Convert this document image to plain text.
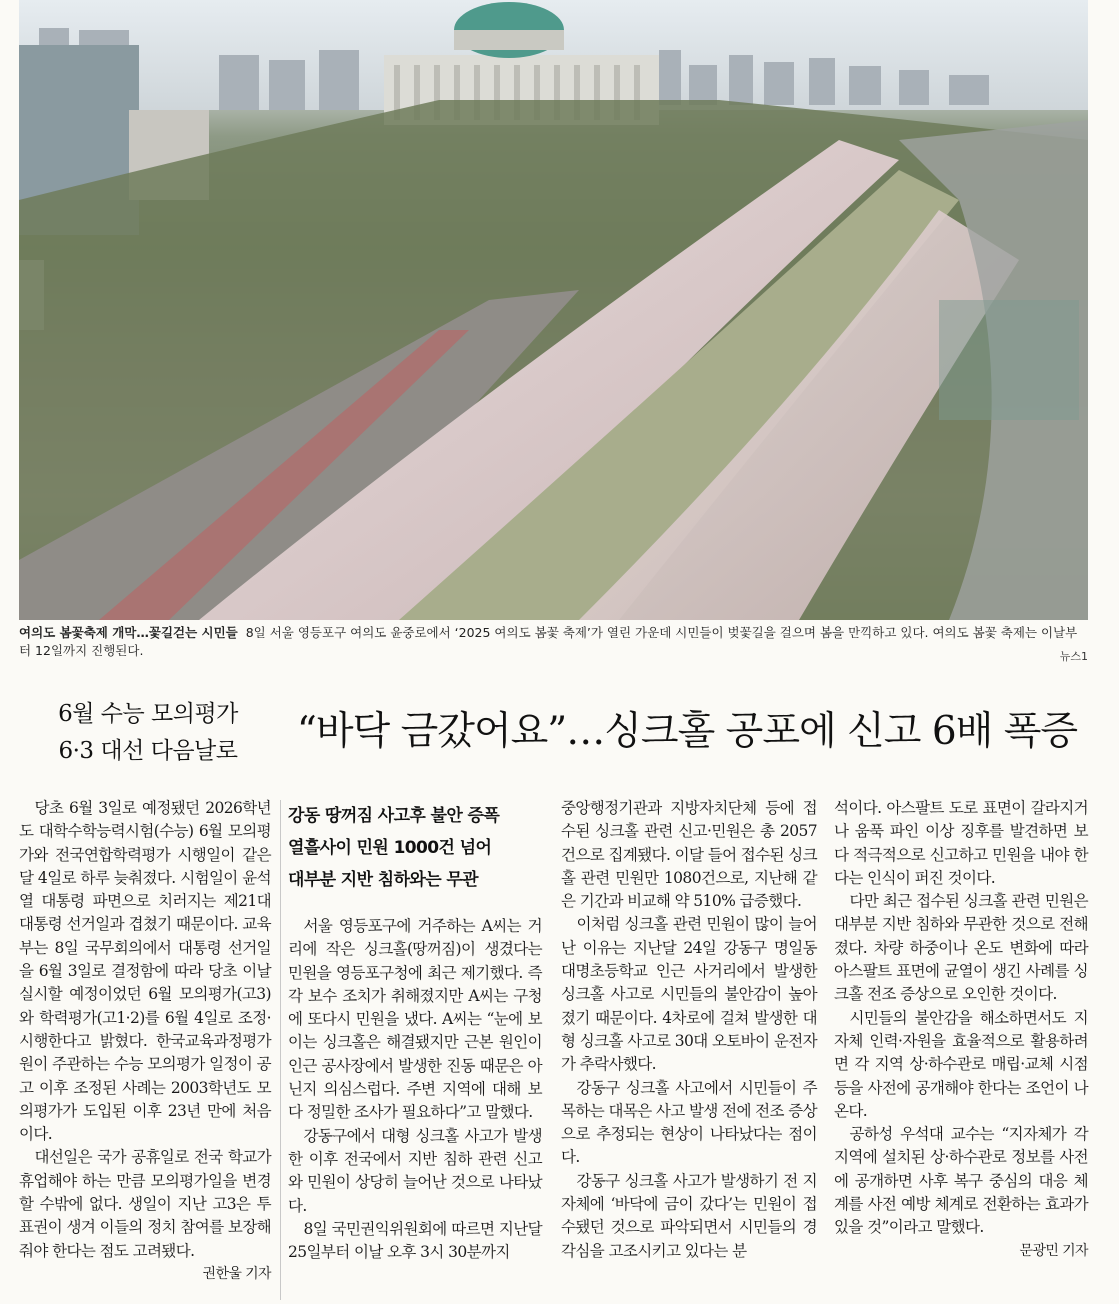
여의도 봄꽃축제 개막…꽃길걷는 시민들 8일 서울 영등포구 여의도 윤중로에서 ‘2025 여의도 봄꽃 축제’가 열린 가운데 시민들이 벚꽃길을 걸으며 봄을 만끽하고 있다. 여의도 봄꽃 축제는 이날부터 12일까지 진행된다.	뉴스1
6월 수능 모의평가
6·3 대선 다음날로	“바닥 금갔어요”…싱크홀 공포에 신고 6배 폭증

당초 6월 3일로 예정됐던 2026학년도 대학수학능력시험(수능) 6월 모의평가와 전국연합학력평가 시행일이 같은 달 4일로 하루 늦춰졌다. 시험일이 윤석열 대통령 파면으로 치러지는 제21대 대통령 선거일과 겹쳤기 때문이다. 교육부는 8일 국무회의에서 대통령 선거일을 6월 3일로 결정함에 따라 당초 이날 실시할 예정이었던 6월 모의평가(고3)와 학력평가(고1·2)를 6월 4일로 조정·시행한다고 밝혔다. 한국교육과정평가원이 주관하는 수능 모의평가 일정이 공고 이후 조정된 사례는 2003학년도 모의평가가 도입된 이후 23년 만에 처음이다.

대선일은 국가 공휴일로 전국 학교가 휴업해야 하는 만큼 모의평가일을 변경할 수밖에 없다. 생일이 지난 고3은 투표권이 생겨 이들의 정치 참여를 보장해줘야 한다는 점도 고려됐다.

권한울 기자

강동 땅꺼짐 사고후 불안 증폭
열흘사이 민원 1000건 넘어
대부분 지반 침하와는 무관

서울 영등포구에 거주하는 A씨는 거리에 작은 싱크홀(땅꺼짐)이 생겼다는 민원을 영등포구청에 최근 제기했다. 즉각 보수 조치가 취해졌지만 A씨는 구청에 또다시 민원을 냈다. A씨는 “눈에 보이는 싱크홀은 해결됐지만 근본 원인이 인근 공사장에서 발생한 진동 때문은 아닌지 의심스럽다. 주변 지역에 대해 보다 정밀한 조사가 필요하다”고 말했다.

강동구에서 대형 싱크홀 사고가 발생한 이후 전국에서 지반 침하 관련 신고와 민원이 상당히 늘어난 것으로 나타났다.

8일 국민권익위원회에 따르면 지난달 25일부터 이날 오후 3시 30분까지

중앙행정기관과 지방자치단체 등에 접수된 싱크홀 관련 신고·민원은 총 2057건으로 집계됐다. 이달 들어 접수된 싱크홀 관련 민원만 1080건으로, 지난해 같은 기간과 비교해 약 510% 급증했다.

이처럼 싱크홀 관련 민원이 많이 늘어난 이유는 지난달 24일 강동구 명일동 대명초등학교 인근 사거리에서 발생한 싱크홀 사고로 시민들의 불안감이 높아졌기 때문이다. 4차로에 걸쳐 발생한 대형 싱크홀 사고로 30대 오토바이 운전자가 추락사했다.

강동구 싱크홀 사고에서 시민들이 주목하는 대목은 사고 발생 전에 전조 증상으로 추정되는 현상이 나타났다는 점이다.

강동구 싱크홀 사고가 발생하기 전 지자체에 ‘바닥에 금이 갔다’는 민원이 접수됐던 것으로 파악되면서 시민들의 경각심을 고조시키고 있다는 분

석이다. 아스팔트 도로 표면이 갈라지거나 움푹 파인 이상 징후를 발견하면 보다 적극적으로 신고하고 민원을 내야 한다는 인식이 퍼진 것이다.

다만 최근 접수된 싱크홀 관련 민원은 대부분 지반 침하와 무관한 것으로 전해졌다. 차량 하중이나 온도 변화에 따라 아스팔트 표면에 균열이 생긴 사례를 싱크홀 전조 증상으로 오인한 것이다.

시민들의 불안감을 해소하면서도 지자체 인력·자원을 효율적으로 활용하려면 각 지역 상·하수관로 매립·교체 시점 등을 사전에 공개해야 한다는 조언이 나온다.

공하성 우석대 교수는 “지자체가 각 지역에 설치된 상·하수관로 정보를 사전에 공개하면 사후 복구 중심의 대응 체계를 사전 예방 체계로 전환하는 효과가 있을 것”이라고 말했다.

문광민 기자
